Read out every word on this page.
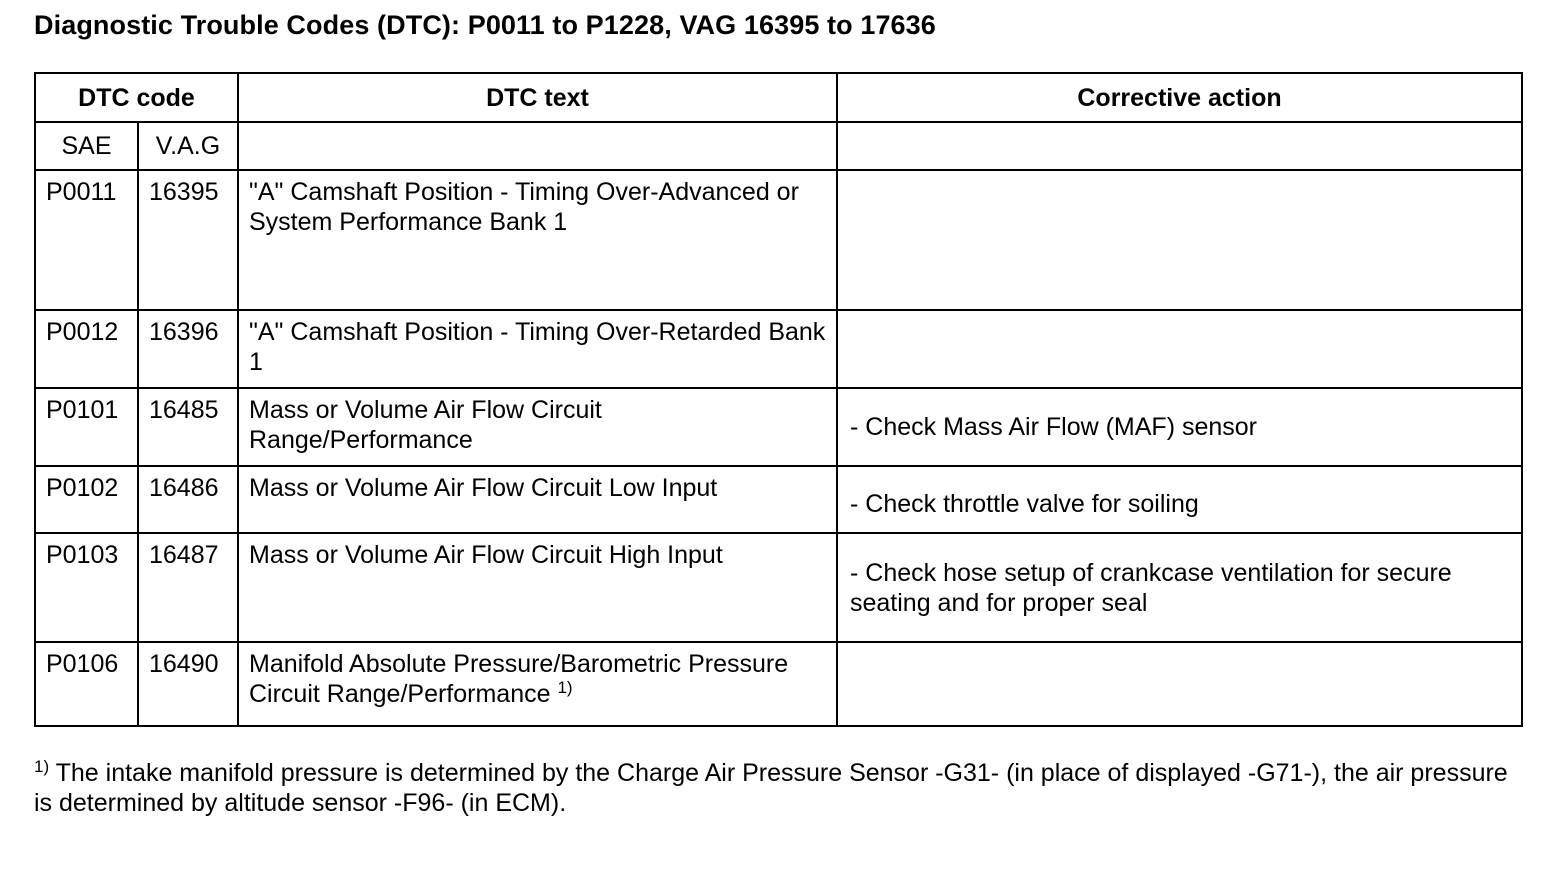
Diagnostic Trouble Codes (DTC): P0011 to P1228, VAG 16395 to 17636
DTC code		DTC text	Corrective action
SAE	V.A.G		
P0011	16395	"A" Camshaft Position - Timing Over-Advanced or System Performance Bank 1	
P0012	16396	"A" Camshaft Position - Timing Over-Retarded Bank 1	
P0101	16485	Mass or Volume Air Flow Circuit Range/Performance	- Check Mass Air Flow (MAF) sensor
P0102	16486	Mass or Volume Air Flow Circuit Low Input	- Check throttle valve for soiling
P0103	16487	Mass or Volume Air Flow Circuit High Input	- Check hose setup of crankcase ventilation for secure seating and for proper seal
P0106	16490	Manifold Absolute Pressure/Barometric Pressure Circuit Range/Performance $^{1)}$	
$^{1)}$ The intake manifold pressure is determined by the Charge Air Pressure Sensor -G31- (in place of displayed -G71-), the air pressure is determined by altitude sensor -F96- (in ECM).
